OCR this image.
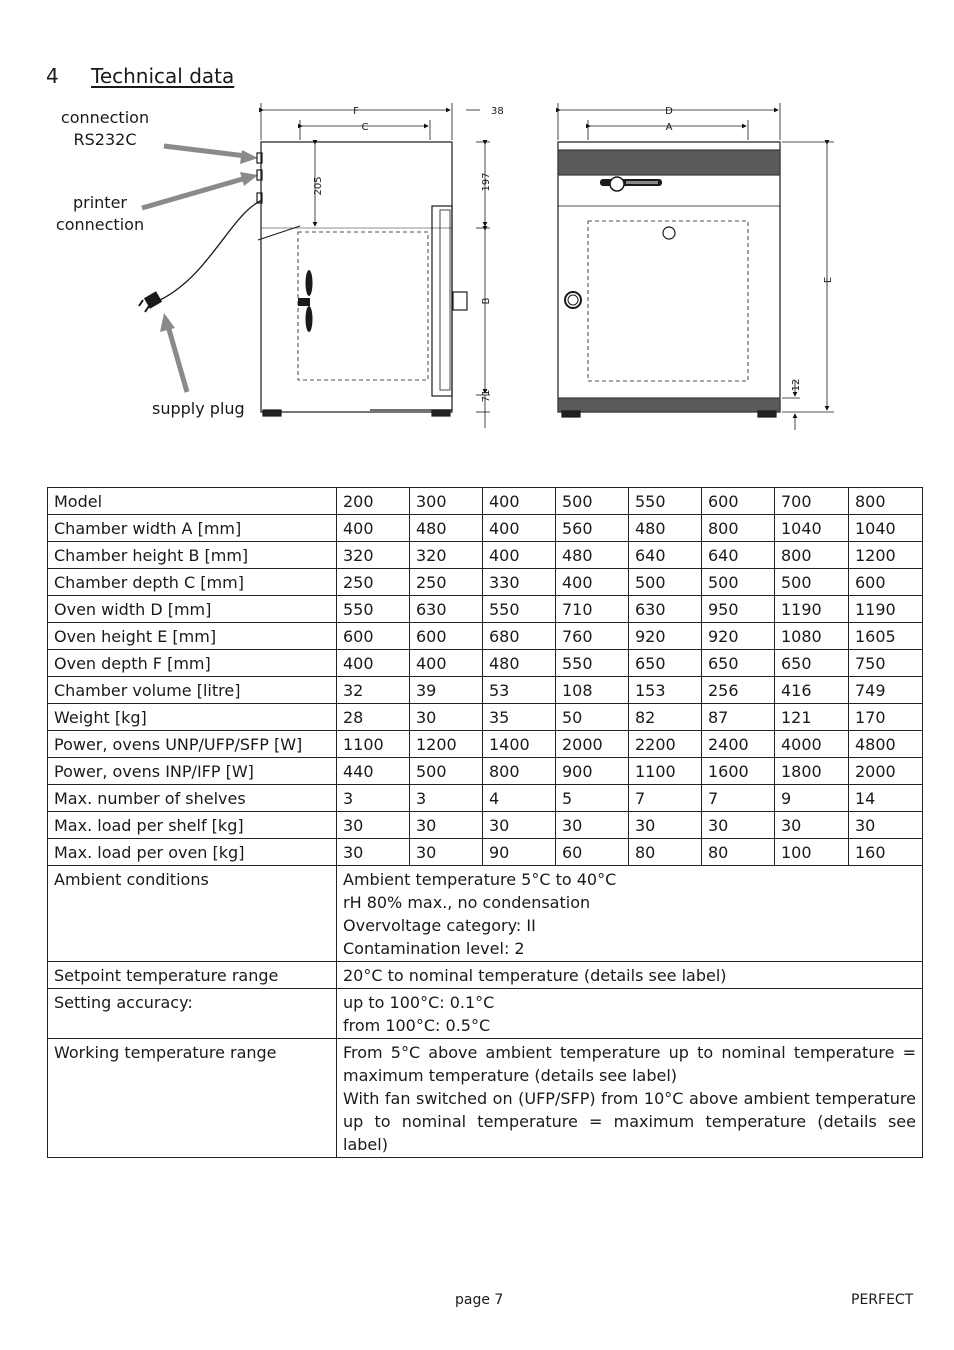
4 Technical data
connection
RS232C
printer
connection
supply plug
F
C
38
205	197
B
71
D
A
E
12
Model	200	300	400	500	550	600	700	800
Chamber width A [mm]	400	480	400	560	480	800	1040	1040
Chamber height B [mm]	320	320	400	480	640	640	800	1200
Chamber depth C [mm]	250	250	330	400	500	500	500	600
Oven width D [mm]	550	630	550	710	630	950	1190	1190
Oven height E [mm]	600	600	680	760	920	920	1080	1605
Oven depth F [mm]	400	400	480	550	650	650	650	750
Chamber volume [litre]	32	39	53	108	153	256	416	749
Weight [kg]	28	30	35	50	82	87	121	170
Power, ovens UNP/UFP/SFP [W]	1100	1200	1400	2000	2200	2400	4000	4800
Power, ovens INP/IFP [W]	440	500	800	900	1100	1600	1800	2000
Max. number of shelves	3	3	4	5	7	7	9	14
Max. load per shelf [kg]	30	30	30	30	30	30	30	30
Max. load per oven [kg]	30	30	90	60	80	80	100	160
Ambient conditions	Ambient temperature 5°C to 40°C
rH 80% max., no condensation
Overvoltage category: II
Contamination level: 2							

Setpoint temperature range	20°C to nominal temperature (details see label)							
Setting accuracy:	up to 100°C: 0.1°C
from 100°C: 0.5°C							

Working temperature range	From 5°C above ambient temperature up to nominal temperature = maximum temperature (details see label)
With fan switched on (UFP/SFP) from 10°C above ambient temperature up to nominal temperature = maximum temperature (details see label)							
page 7	PERFECT
